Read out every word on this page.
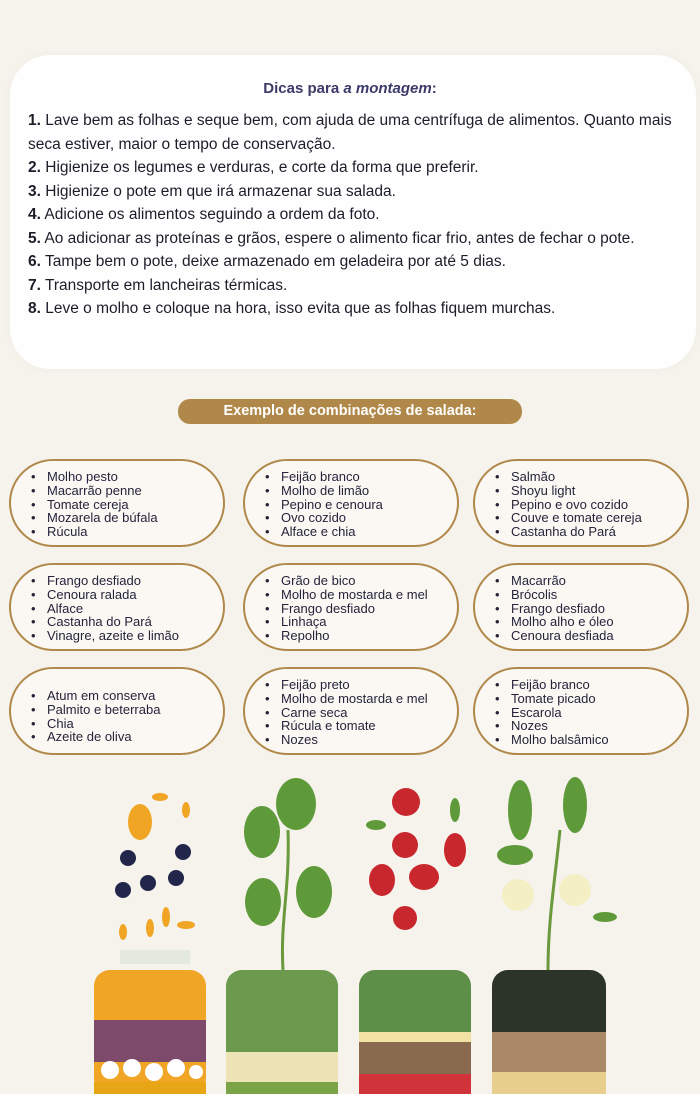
Dicas para a montagem:
1. Lave bem as folhas e seque bem, com ajuda de uma centrífuga de alimentos. Quanto mais seca estiver, maior o tempo de conservação.
2. Higienize os legumes e verduras, e corte da forma que preferir.
3. Higienize o pote em que irá armazenar sua salada.
4. Adicione os alimentos seguindo a ordem da foto.
5. Ao adicionar as proteínas e grãos, espere o alimento ficar frio, antes de fechar o pote.
6. Tampe bem o pote, deixe armazenado em geladeira por até 5 dias.
7. Transporte em lancheiras térmicas.
8. Leve o molho e coloque na hora, isso evita que as folhas fiquem murchas.
Exemplo de combinações de salada:
• Molho pesto
• Macarrão penne
• Tomate cereja
• Mozarela de búfala
• Rúcula
• Feijão branco
• Molho de limão
• Pepino e cenoura
• Ovo cozido
• Alface e chia
• Salmão
• Shoyu light
• Pepino e ovo cozido
• Couve e tomate cereja
• Castanha do Pará
• Frango desfiado
• Cenoura ralada
• Alface
• Castanha do Pará
• Vinagre, azeite e limão
• Grão de bico
• Molho de mostarda e mel
• Frango desfiado
• Linhaça
• Repolho
• Macarrão
• Brócolis
• Frango desfiado
• Molho alho e óleo
• Cenoura desfiada
• Atum em conserva
• Palmito e beterraba
• Chia
• Azeite de oliva
• Feijão preto
• Molho de mostarda e mel
• Carne seca
• Rúcula e tomate
• Nozes
• Feijão branco
• Tomate picado
• Escarola
• Nozes
• Molho balsâmico
